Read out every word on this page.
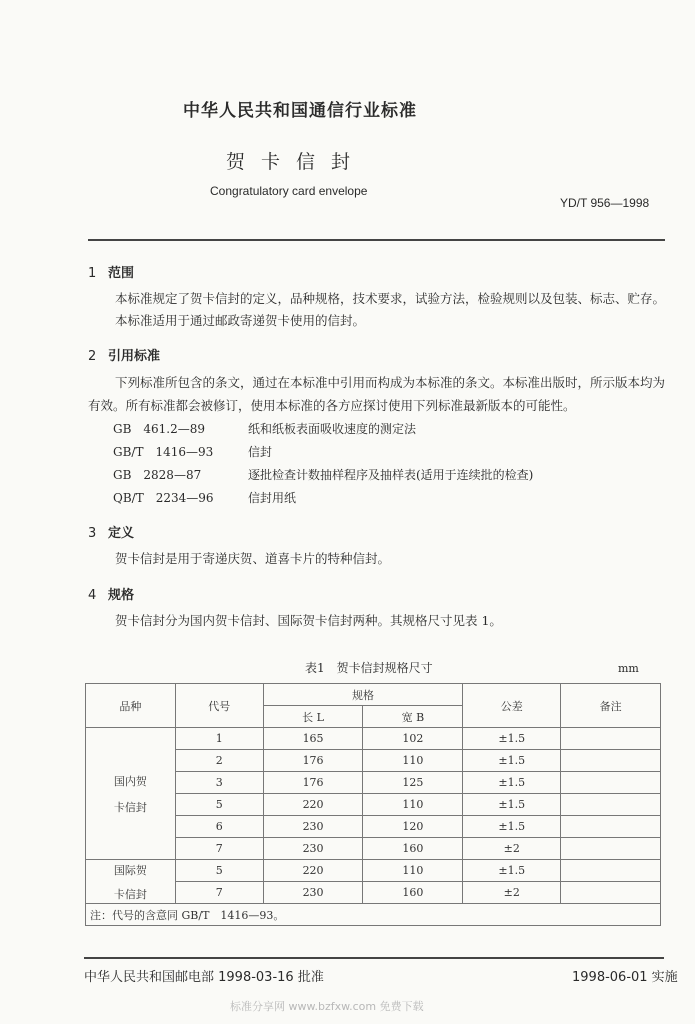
中华人民共和国通信行业标准
贺卡信封
Congratulatory card envelope
YD/T 956—1998
1 范围
本标准规定了贺卡信封的定义，品种规格，技术要求，试验方法，检验规则以及包装、标志、贮存。
本标准适用于通过邮政寄递贺卡使用的信封。
2 引用标准
下列标准所包含的条文，通过在本标准中引用而构成为本标准的条文。本标准出版时，所示版本均为
有效。所有标准都会被修订，使用本标准的各方应探讨使用下列标准最新版本的可能性。
GB　461.2—89	纸和纸板表面吸收速度的测定法
GB/T　1416—93	信封
GB　2828—87	逐批检查计数抽样程序及抽样表(适用于连续批的检查)
QB/T　2234—96	信封用纸
3 定义
贺卡信封是用于寄递庆贺、道喜卡片的特种信封。
4 规格
贺卡信封分为国内贺卡信封、国际贺卡信封两种。其规格尺寸见表 1。
表1　贺卡信封规格尺寸	mm
品种	代号	规格		公差	备注
		长 L	宽 B		

国内贺
卡信封	1	165	102	±1.5	
	2	176	110	±1.5	
	3	176	125	±1.5	
	5	220	110	±1.5	
	6	230	120	±1.5	
	7	230	160	±2	

国际贺
卡信封	5	220	110	±1.5	
	7	230	160	±2	
注：代号的含意同 GB/T　1416—93。					
中华人民共和国邮电部 1998-03-16 批准	1998-06-01 实施
标准分享网 www.bzfxw.com 免费下载
